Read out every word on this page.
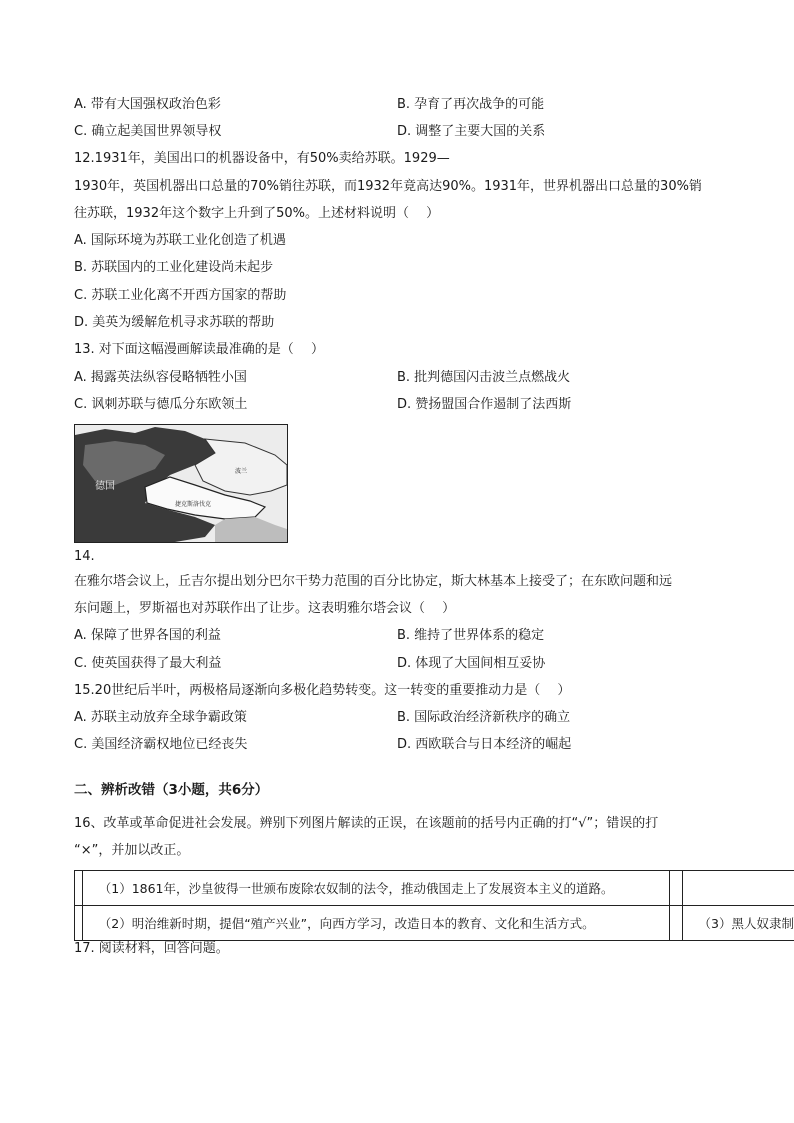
A. 带有大国强权政治色彩	B. 孕育了再次战争的可能
C. 确立起美国世界领导权	D. 调整了主要大国的关系
12.1931年，美国出口的机器设备中，有50%卖给苏联。1929—
1930年，英国机器出口总量的70%销往苏联，而1932年竟高达90%。1931年，世界机器出口总量的30%销
往苏联，1932年这个数字上升到了50%。上述材料说明（　 ）
A. 国际环境为苏联工业化创造了机遇
B. 苏联国内的工业化建设尚未起步
C. 苏联工业化离不开西方国家的帮助
D. 美英为缓解危机寻求苏联的帮助
13. 对下面这幅漫画解读最准确的是（　 ）
A. 揭露英法纵容侵略牺牲小国	B. 批判德国闪击波兰点燃战火
C. 讽刺苏联与德瓜分东欧领土	D. 赞扬盟国合作遏制了法西斯
德国
波兰
捷克斯洛伐克
14.
在雅尔塔会议上，丘吉尔提出划分巴尔干势力范围的百分比协定，斯大林基本上接受了；在东欧问题和远
东问题上，罗斯福也对苏联作出了让步。这表明雅尔塔会议（　 ）
A. 保障了世界各国的利益	B. 维持了世界体系的稳定
C. 使英国获得了最大利益	D. 体现了大国间相互妥协
15.20世纪后半叶，两极格局逐渐向多极化趋势转变。这一转变的重要推动力是（　 ）
A. 苏联主动放弃全球争霸政策	B. 国际政治经济新秩序的确立
C. 美国经济霸权地位已经丧失	D. 西欧联合与日本经济的崛起
二、辨析改错（3小题，共6分）
16、改革或革命促进社会发展。辨别下列图片解读的正误，在该题前的括号内正确的打“√”；错误的打
“×”，并加以改正。
	（1）1861年，沙皇彼得一世颁布废除农奴制的法令，推动俄国走上了发展资本主义的道路。		
	（2）明治维新时期，提倡“殖产兴业”，向西方学习，改造日本的教育、文化和生活方式。		（3）黑人奴隶制
17. 阅读材料，回答问题。
